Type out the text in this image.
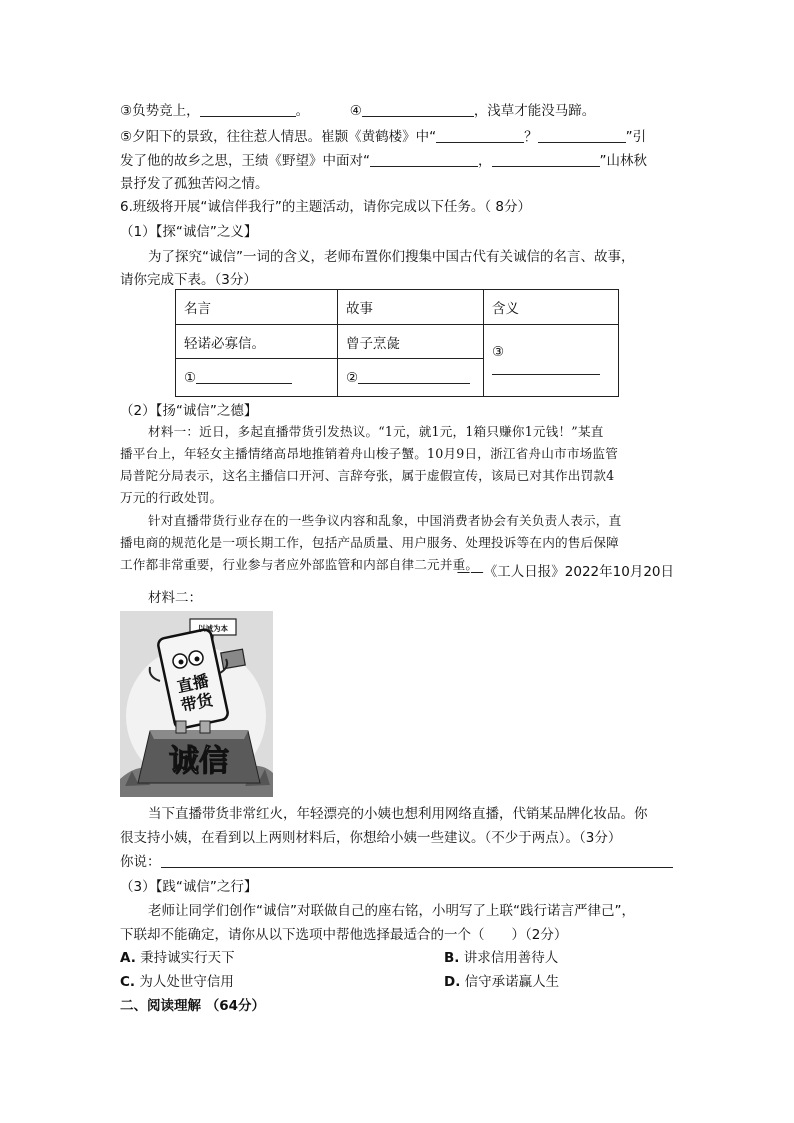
③负势竞上，	。	④	，浅草才能没马蹄。
⑤夕阳下的景致，往往惹人情思。崔颢《黄鹤楼》中“	？	”引
发了他的故乡之思，王绩《野望》中面对“	，	”山林秋
景抒发了孤独苦闷之情。
6.班级将开展“诚信伴我行”的主题活动，请你完成以下任务。（ 8分）
（1）【探“诚信”之义】
为了探究“诚信”一词的含义，老师布置你们搜集中国古代有关诚信的名言、故事，
请你完成下表。（3分）
名言	故事	含义
轻诺必寡信。	曾子烹彘	③
①	②	
（2）【扬“诚信”之德】
材料一：近日，多起直播带货引发热议。“1元，就1元，1箱只赚你1元钱！”某直
播平台上，年轻女主播情绪高昂地推销着舟山梭子蟹。10月9日，浙江省舟山市市场监管
局普陀分局表示，这名主播信口开河、言辞夸张，属于虚假宣传，该局已对其作出罚款4
万元的行政处罚。
针对直播带货行业存在的一些争议内容和乱象，中国消费者协会有关负责人表示，直
播电商的规范化是一项长期工作，包括产品质量、用户服务、处理投诉等在内的售后保障
工作都非常重要，行业参与者应外部监管和内部自律二元并重。
——《工人日报》2022年10月20日
材料二：
以诚为本
直播
带货
诚信
当下直播带货非常红火，年轻漂亮的小姨也想利用网络直播，代销某品牌化妆品。你
很支持小姨，在看到以上两则材料后，你想给小姨一些建议。（不少于两点）。（3分）
你说：
（3）【践“诚信”之行】
老师让同学们创作“诚信”对联做自己的座右铭，小明写了上联“践行诺言严律己”，
下联却不能确定，请你从以下选项中帮他选择最适合的一个（　　）（2分）
A. 秉持诚实行天下	B. 讲求信用善待人
C. 为人处世守信用	D. 信守承诺赢人生
二、阅读理解 （64分）
